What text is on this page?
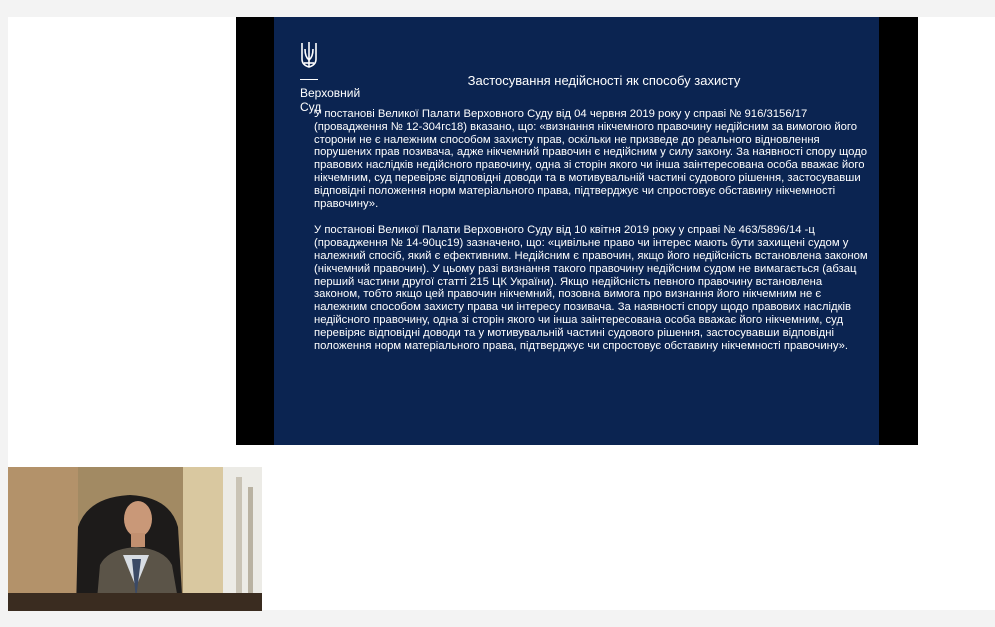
Верховний
Суд
Застосування недійсності як способу захисту

У постанові Великої Палати Верховного Суду від 04 червня 2019 року у справі № 916/3156/17 (провадження № 12-304гс18) вказано, що: «визнання нікчемного правочину недійсним за вимогою його сторони не є належним способом захисту прав, оскільки не призведе до реального відновлення порушених прав позивача, адже нікчемний правочин є недійсним у силу закону. За наявності спору щодо правових наслідків недійсного правочину, одна зі сторін якого чи інша заінтересована особа вважає його нікчемним, суд перевіряє відповідні доводи та в мотивувальній частині судового рішення, застосувавши відповідні положення норм матеріального права, підтверджує чи спростовує обставину нікчемності правочину».

У постанові Великої Палати Верховного Суду від 10 квітня 2019 року у справі № 463/5896/14 -ц (провадження № 14-90цс19) зазначено, що: «цивільне право чи інтерес мають бути захищені судом у належний спосіб, який є ефективним. Недійсним є правочин, якщо його недійсність встановлена законом (нікчемний правочин). У цьому разі визнання такого правочину недійсним судом не вимагається (абзац перший частини другої статті 215 ЦК України). Якщо недійсність певного правочину встановлена законом, тобто якщо цей правочин нікчемний, позовна вимога про визнання його нікчемним не є належним способом захисту права чи інтересу позивача. За наявності спору щодо правових наслідків недійсного правочину, одна зі сторін якого чи інша заінтересована особа вважає його нікчемним, суд перевіряє відповідні доводи та у мотивувальній частині судового рішення, застосувавши відповідні положення норм матеріального права, підтверджує чи спростовує обставину нікчемності правочину».
